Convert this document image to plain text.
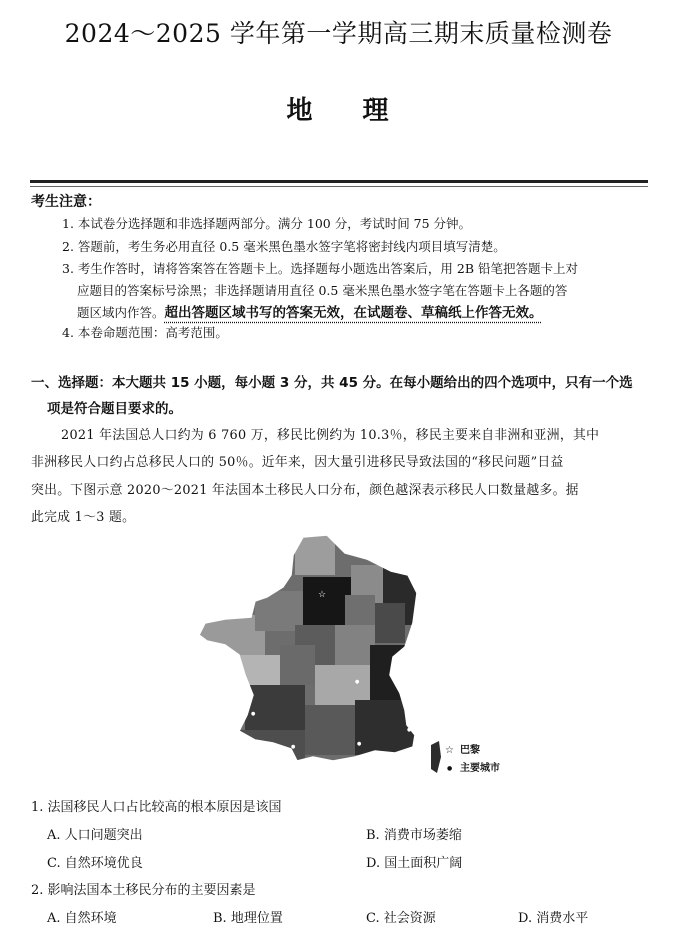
2024～2025 学年第一学期高三期末质量检测卷
地 理
考生注意：
1. 本试卷分选择题和非选择题两部分。满分 100 分，考试时间 75 分钟。
2. 答题前，考生务必用直径 0.5 毫米黑色墨水签字笔将密封线内项目填写清楚。
3. 考生作答时，请将答案答在答题卡上。选择题每小题选出答案后，用 2B 铅笔把答题卡上对
应题目的答案标号涂黑；非选择题请用直径 0.5 毫米黑色墨水签字笔在答题卡上各题的答
题区域内作答。超出答题区域书写的答案无效，在试题卷、草稿纸上作答无效。
4. 本卷命题范围：高考范围。
一、选择题：本大题共 15 小题，每小题 3 分，共 45 分。在每小题给出的四个选项中，只有一个选
项是符合题目要求的。
2021 年法国总人口约为 6 760 万，移民比例约为 10.3％，移民主要来自非洲和亚洲，其中
非洲移民人口约占总移民人口的 50％。近年来，因大量引进移民导致法国的“移民问题”日益
突出。下图示意 2020～2021 年法国本土移民人口分布，颜色越深表示移民人口数量越多。据
此完成 1～3 题。
☆
●
●
●	●
●
☆ 巴黎
● 主要城市
1. 法国移民人口占比较高的根本原因是该国
A. 人口问题突出	B. 消费市场萎缩
C. 自然环境优良	D. 国土面积广阔
2. 影响法国本土移民分布的主要因素是
A. 自然环境	B. 地理位置	C. 社会资源	D. 消费水平
